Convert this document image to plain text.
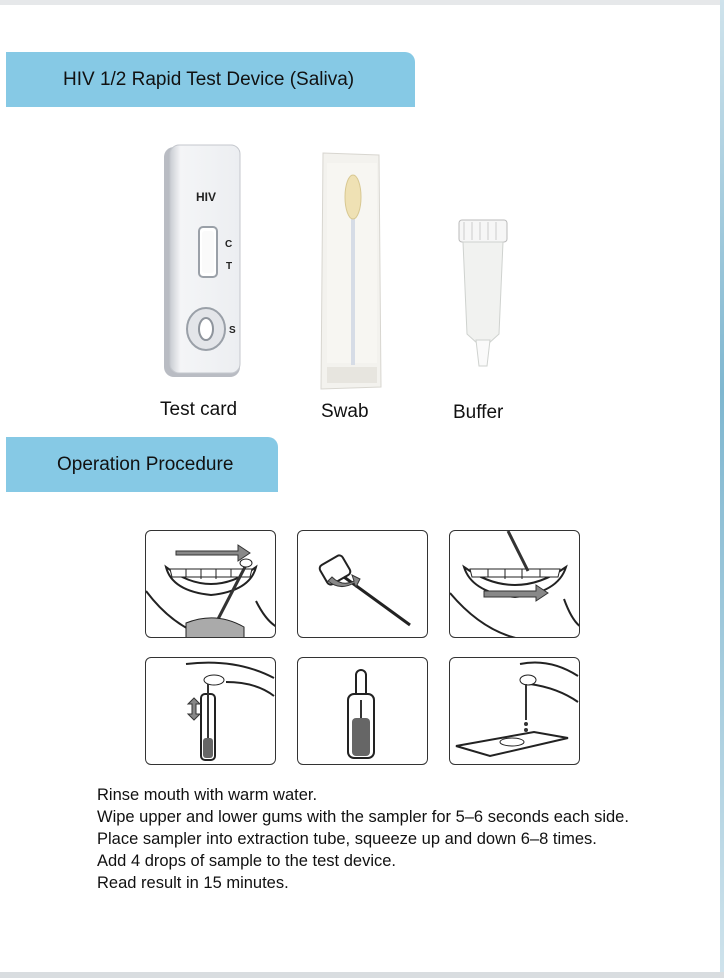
HIV 1/2 Rapid Test Device (Saliva)
HIV
C
T
S
Test card	Swab	Buffer
Operation Procedure
Rinse mouth with warm water.
Wipe upper and lower gums with the sampler for 5–6 seconds each side.
Place sampler into extraction tube, squeeze up and down 6–8 times.
Add 4 drops of sample to the test device.
Read result in 15 minutes.
